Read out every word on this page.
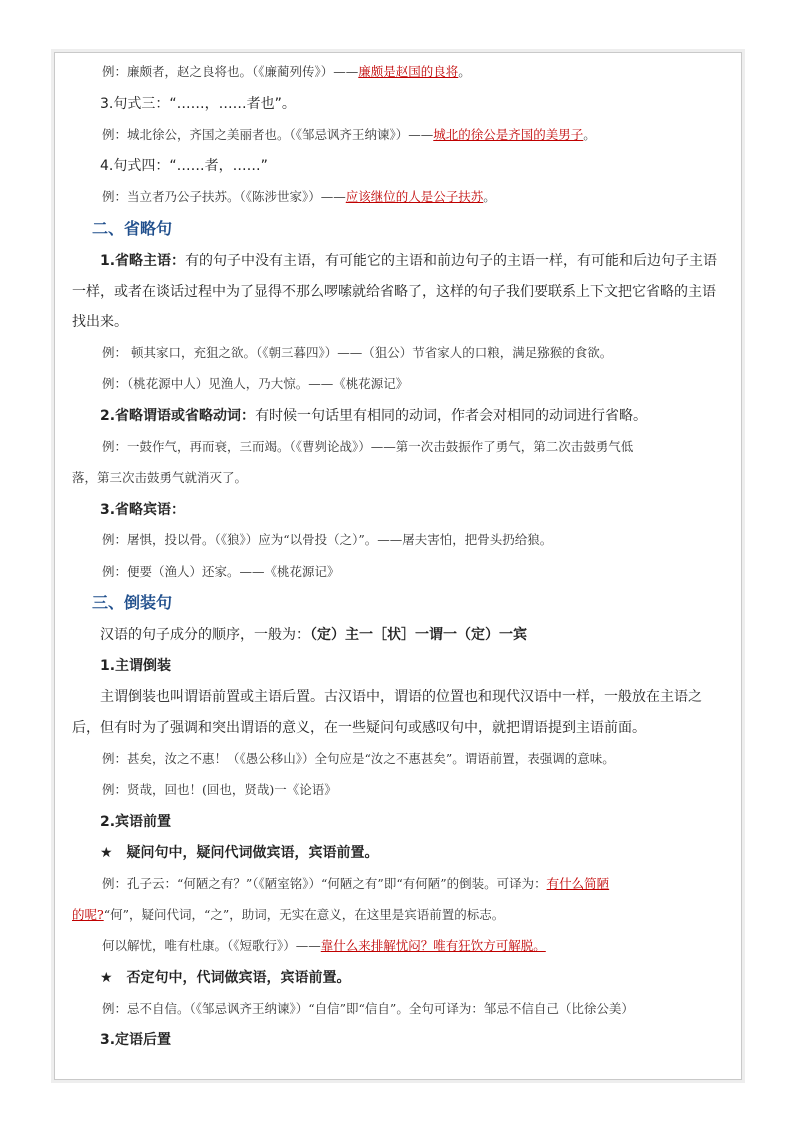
例：廉颇者，赵之良将也。（《廉蔺列传》）——廉颇是赵国的良将。
3.句式三：“……，……者也”。
例：城北徐公，齐国之美丽者也。（《邹忌讽齐王纳谏》）——城北的徐公是齐国的美男子。
4.句式四：“……者，……”
例：当立者乃公子扶苏。（《陈涉世家》）——应该继位的人是公子扶苏。
二、省略句
1.省略主语：有的句子中没有主语，有可能它的主语和前边句子的主语一样，有可能和后边句子主语
一样，或者在谈话过程中为了显得不那么啰嗦就给省略了，这样的句子我们要联系上下文把它省略的主语
找出来。
例： 顿其家口，充狙之欲。（《朝三暮四》）——（狙公）节省家人的口粮，满足猕猴的食欲。
例：（桃花源中人）见渔人，乃大惊。——《桃花源记》
2.省略谓语或省略动词：有时候一句话里有相同的动词，作者会对相同的动词进行省略。
例：一鼓作气，再而衰，三而竭。（《曹刿论战》）——第一次击鼓振作了勇气，第二次击鼓勇气低
落，第三次击鼓勇气就消灭了。
3.省略宾语：
例：屠惧，投以骨。（《狼》）应为“以骨投（之）”。——屠夫害怕，把骨头扔给狼。
例：便要（渔人）还家。——《桃花源记》
三、倒装句
汉语的句子成分的顺序，一般为：（定）主一［状］一谓一（定）一宾
1.主谓倒装
主谓倒装也叫谓语前置或主语后置。古汉语中，谓语的位置也和现代汉语中一样，一般放在主语之
后，但有时为了强调和突出谓语的意义，在一些疑问句或感叹句中，就把谓语提到主语前面。
例：甚矣，汝之不惠！（《愚公移山》）全句应是“汝之不惠甚矣”。谓语前置，表强调的意味。
例：贤哉，回也！(回也，贤哉)一《论语》
2.宾语前置
★　疑问句中，疑问代词做宾语，宾语前置。
例：孔子云：“何陋之有？”（《陋室铭》）“何陋之有”即“有何陋”的倒装。可译为：有什么简陋
的呢?“何”，疑问代词，“之”，助词，无实在意义，在这里是宾语前置的标志。
何以解忧，唯有杜康。（《短歌行》）——靠什么来排解忧闷？唯有狂饮方可解脱。
★　否定句中，代词做宾语，宾语前置。
例：忌不自信。（《邹忌讽齐王纳谏》）“自信”即“信自”。全句可译为：邹忌不信自己（比徐公美）
3.定语后置
